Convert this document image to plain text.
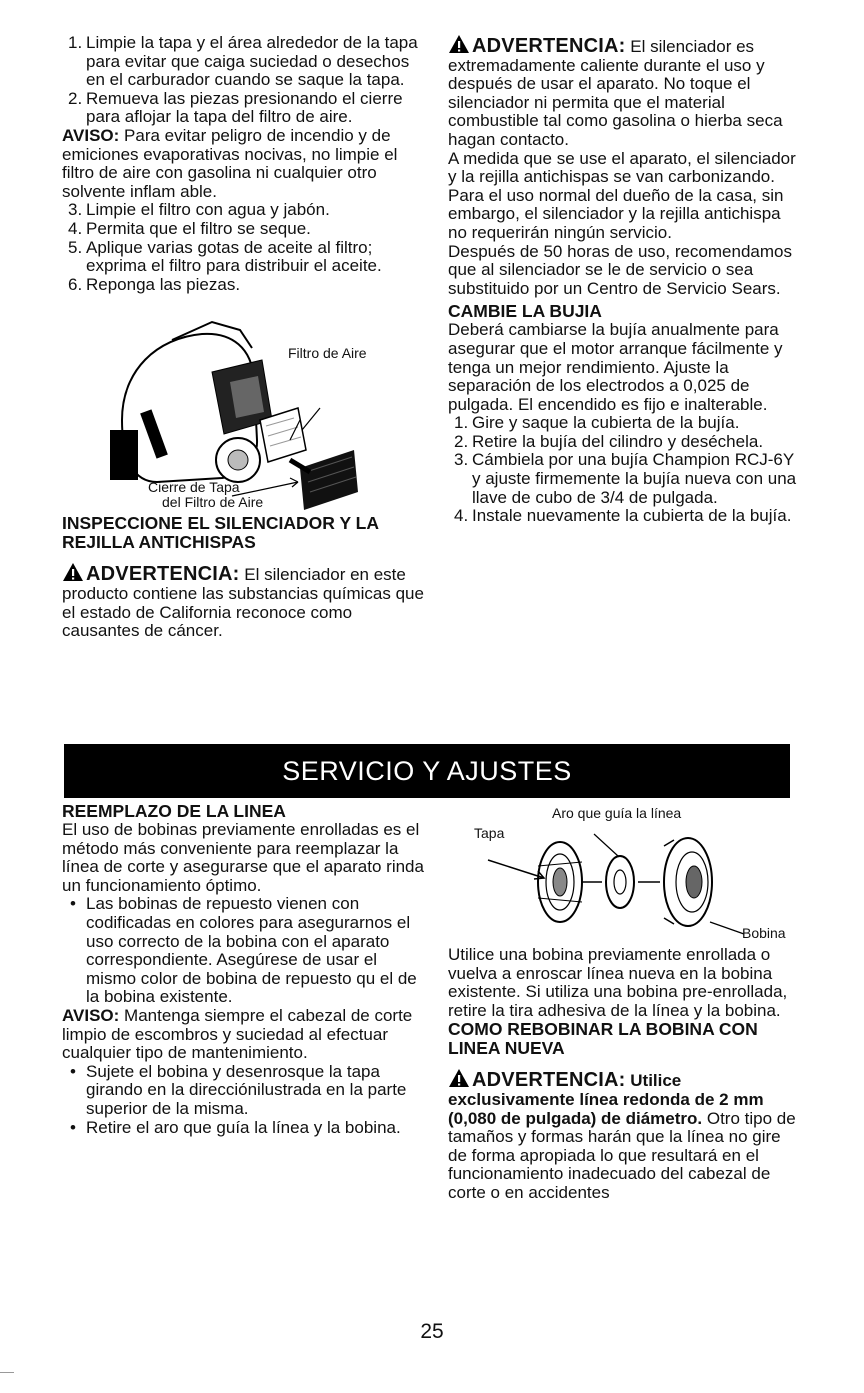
1. Limpie la tapa y el área alrededor de la tapa para evitar que caiga suciedad o desechos en el carburador cuando se saque la tapa.
2. Remueva las piezas presionando el cierre para aflojar la tapa del filtro de aire.

AVISO: Para evitar peligro de incendio y de emiciones evaporativas nocivas, no limpie el filtro de aire con gasolina ni cualquier otro solvente inflam able.

3. Limpie el filtro con agua y jabón.
4. Permita que el filtro se seque.
5. Aplique varias gotas de aceite al filtro; exprima el filtro para distribuir el aceite.
6. Reponga las piezas.
Filtro de Aire
Cierre de Tapa
del Filtro de Aire

INSPECCIONE EL SILENCIADOR Y LA REJILLA ANTICHISPAS

ADVERTENCIA: El silenciador en este producto contiene las substancias químicas que el estado de California reconoce como causantes de cáncer.

ADVERTENCIA: El silenciador es extremadamente caliente durante el uso y después de usar el aparato. No toque el silenciador ni permita que el material combustible tal como gasolina o hierba seca hagan contacto.

A medida que se use el aparato, el silenciador y la rejilla antichispas se van carbonizando. Para el uso normal del dueño de la casa, sin embargo, el silenciador y la rejilla antichispa no requerirán ningún servicio.

Después de 50 horas de uso, recomendamos que al silenciador se le de servicio o sea substituido por un Centro de Servicio Sears.

CAMBIE LA BUJIA

Deberá cambiarse la bujía anualmente para asegurar que el motor arranque fácilmente y tenga un mejor rendimiento. Ajuste la separación de los electrodos a 0,025 de pulgada. El encendido es fijo e inalterable.

1. Gire y saque la cubierta de la bujía.
2. Retire la bujía del cilindro y deséchela.
3. Cámbiela por una bujía Champion RCJ-6Y y ajuste firmemente la bujía nueva con una llave de cubo de 3/4 de pulgada.
4. Instale nuevamente la cubierta de la bujía.
SERVICIO Y AJUSTES

REEMPLAZO DE LA LINEA

El uso de bobinas previamente enrolladas es el método más conveniente para reemplazar la línea de corte y asegurarse que el aparato rinda un funcionamiento óptimo.

• Las bobinas de repuesto vienen con codificadas en colores para asegurarnos el uso correcto de la bobina con el aparato correspondiente. Asegúrese de usar el mismo color de bobina de repuesto qu el de la bobina existente.

AVISO: Mantenga siempre el cabezal de corte limpio de escombros y suciedad al efectuar cualquier tipo de mantenimiento.

• Sujete el bobina y desenrosque la tapa girando en la direcciónilustrada en la parte superior de la misma.
• Retire el aro que guía la línea y la bobina.
Aro que guía la línea
Tapa
Bobina

Utilice una bobina previamente enrollada o vuelva a enroscar línea nueva en la bobina existente. Si utiliza una bobina pre-enrollada, retire la tira adhesiva de la línea y la bobina.

COMO REBOBINAR LA BOBINA CON LINEA NUEVA

ADVERTENCIA: Utilice exclusivamente línea redonda de 2 mm (0,080 de pulgada) de diámetro. Otro tipo de tamaños y formas harán que la línea no gire de forma apropiada lo que resultará en el funcionamiento inadecuado del cabezal de corte o en accidentes

25
